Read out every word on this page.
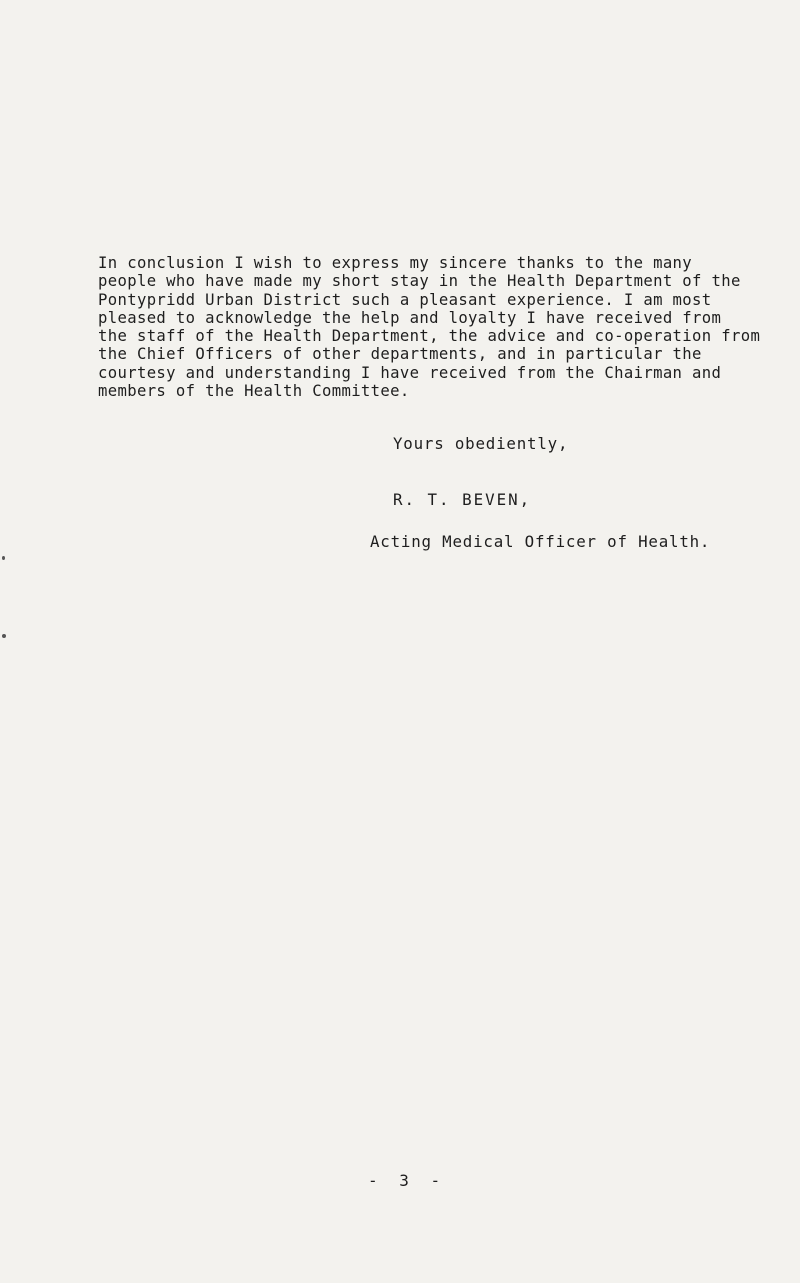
In conclusion I wish to express my sincere thanks to the many
people who have made my short stay in the Health Department of the
Pontypridd Urban District such a pleasant experience. I am most
pleased to acknowledge the help and loyalty I have received from
the staff of the Health Department, the advice and co-operation from
the Chief Officers of other departments, and in particular the
courtesy and understanding I have received from the Chairman and
members of the Health Committee.

Yours obediently,

R. T. BEVEN,

Acting Medical Officer of Health.

- 3 -
